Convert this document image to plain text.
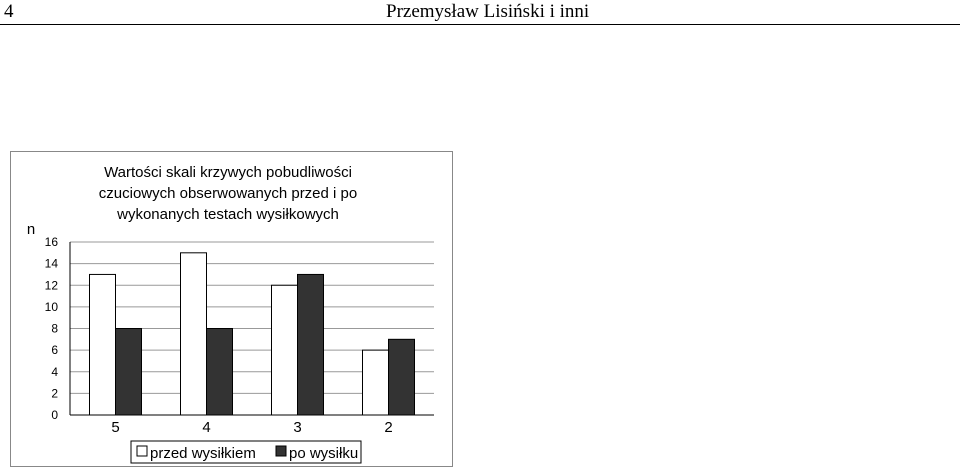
4	Przemysław Lisiński i inni
Wartości skali krzywych pobudliwości
czuciowych obserwowanych przed i po
wykonanych testach wysiłkowych
n
0
2
4
6
8
10
12
14
16
5	4	3	2
przed wysiłkiem po wysiłku
